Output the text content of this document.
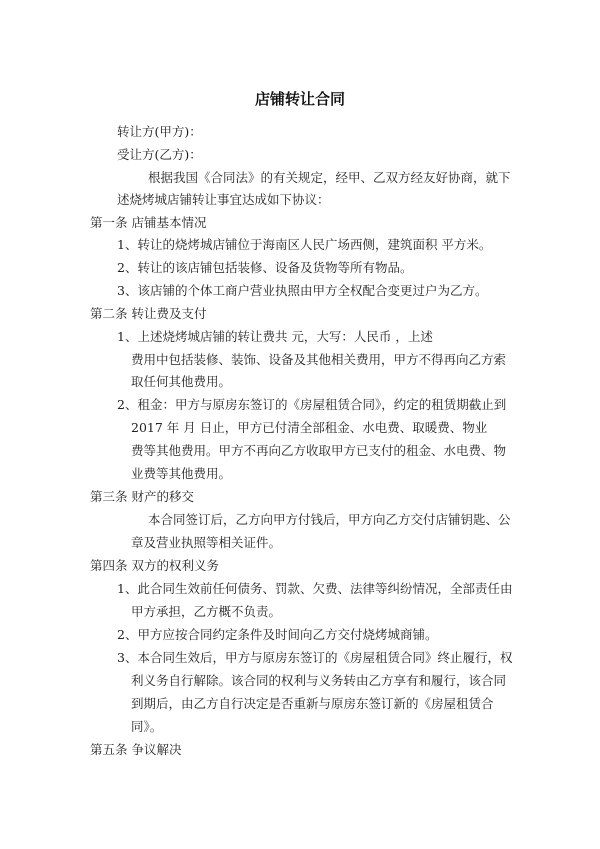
店铺转让合同
转让方(甲方)：
受让方(乙方)：
根据我国《合同法》的有关规定，经甲、乙双方经友好协商，就下
述烧烤城店铺转让事宜达成如下协议：
第一条 店铺基本情况
1、转让的烧烤城店铺位于海南区人民广场西侧，建筑面积 平方米。
2、转让的该店铺包括装修、设备及货物等所有物品。
3、该店铺的个体工商户营业执照由甲方全权配合变更过户为乙方。
第二条 转让费及支付
1、上述烧烤城店铺的转让费共 元，大写：人民币 ，上述
费用中包括装修、装饰、设备及其他相关费用，甲方不得再向乙方索
取任何其他费用。
2、租金：甲方与原房东签订的《房屋租赁合同》，约定的租赁期截止到
2017 年 月 日止，甲方已付清全部租金、水电费、取暖费、物业
费等其他费用。甲方不再向乙方收取甲方已支付的租金、水电费、物
业费等其他费用。
第三条 财产的移交
本合同签订后，乙方向甲方付钱后，甲方向乙方交付店铺钥匙、公
章及营业执照等相关证件。
第四条 双方的权利义务
1、此合同生效前任何债务、罚款、欠费、法律等纠纷情况，全部责任由
甲方承担，乙方概不负责。
2、甲方应按合同约定条件及时间向乙方交付烧烤城商铺。
3、本合同生效后，甲方与原房东签订的《房屋租赁合同》终止履行，权
利义务自行解除。该合同的权利与义务转由乙方享有和履行，该合同
到期后，由乙方自行决定是否重新与原房东签订新的《房屋租赁合
同》。
第五条 争议解决
